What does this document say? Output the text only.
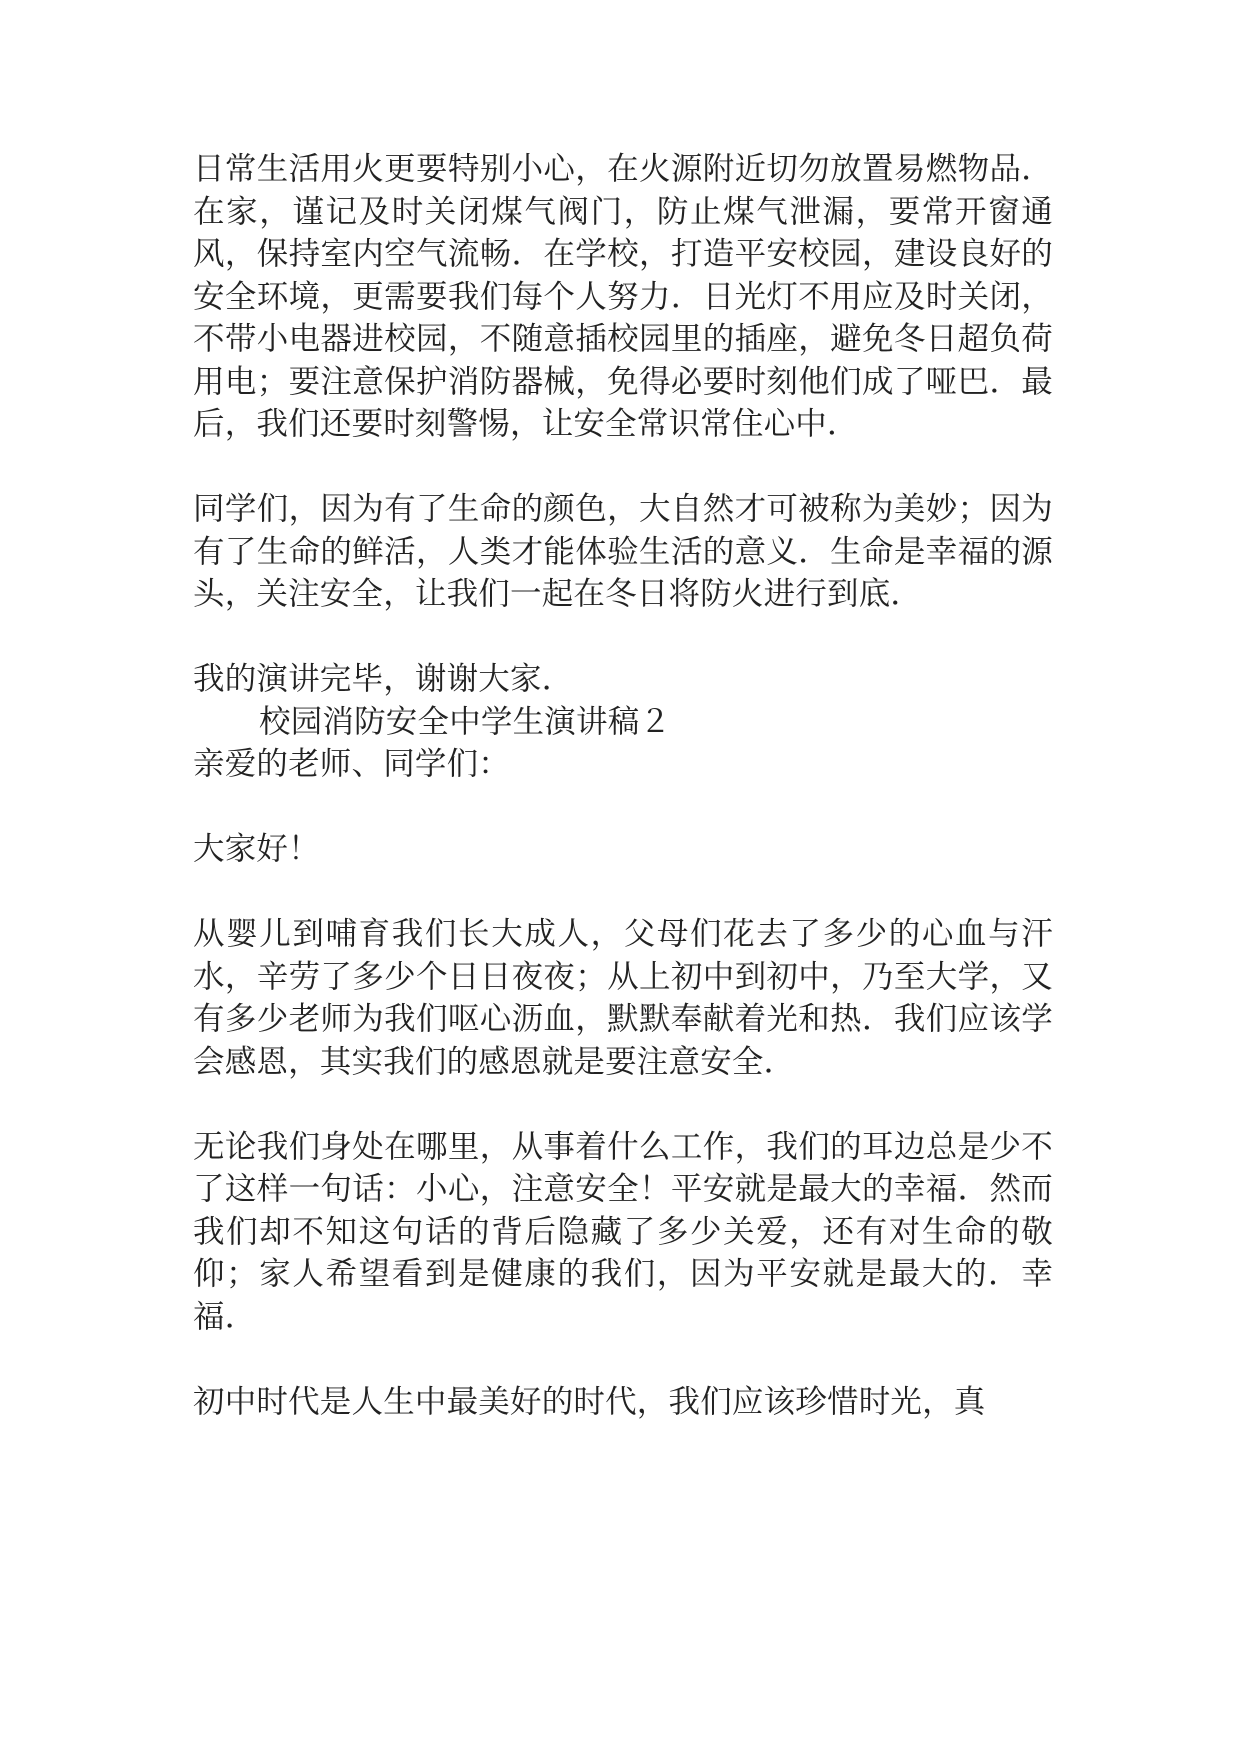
日常生活用火更要特别小心，在火源附近切勿放置易燃物品．在家，谨记及时关闭煤气阀门，防止煤气泄漏，要常开窗通风，保持室内空气流畅．在学校，打造平安校园，建设良好的安全环境，更需要我们每个人努力．日光灯不用应及时关闭，不带小电器进校园，不随意插校园里的插座，避免冬日超负荷用电；要注意保护消防器械，免得必要时刻他们成了哑巴．最后，我们还要时刻警惕，让安全常识常住心中．

同学们，因为有了生命的颜色，大自然才可被称为美妙；因为有了生命的鲜活，人类才能体验生活的意义．生命是幸福的源头，关注安全，让我们一起在冬日将防火进行到底．

我的演讲完毕，谢谢大家．

校园消防安全中学生演讲稿２

亲爱的老师、同学们：

大家好！

从婴儿到哺育我们长大成人，父母们花去了多少的心血与汗水，辛劳了多少个日日夜夜；从上初中到初中，乃至大学，又有多少老师为我们呕心沥血，默默奉献着光和热．我们应该学会感恩，其实我们的感恩就是要注意安全．

无论我们身处在哪里，从事着什么工作，我们的耳边总是少不了这样一句话：小心，注意安全！平安就是最大的幸福．然而我们却不知这句话的背后隐藏了多少关爱，还有对生命的敬仰；家人希望看到是健康的我们，因为平安就是最大的．幸福．

初中时代是人生中最美好的时代，我们应该珍惜时光，真
